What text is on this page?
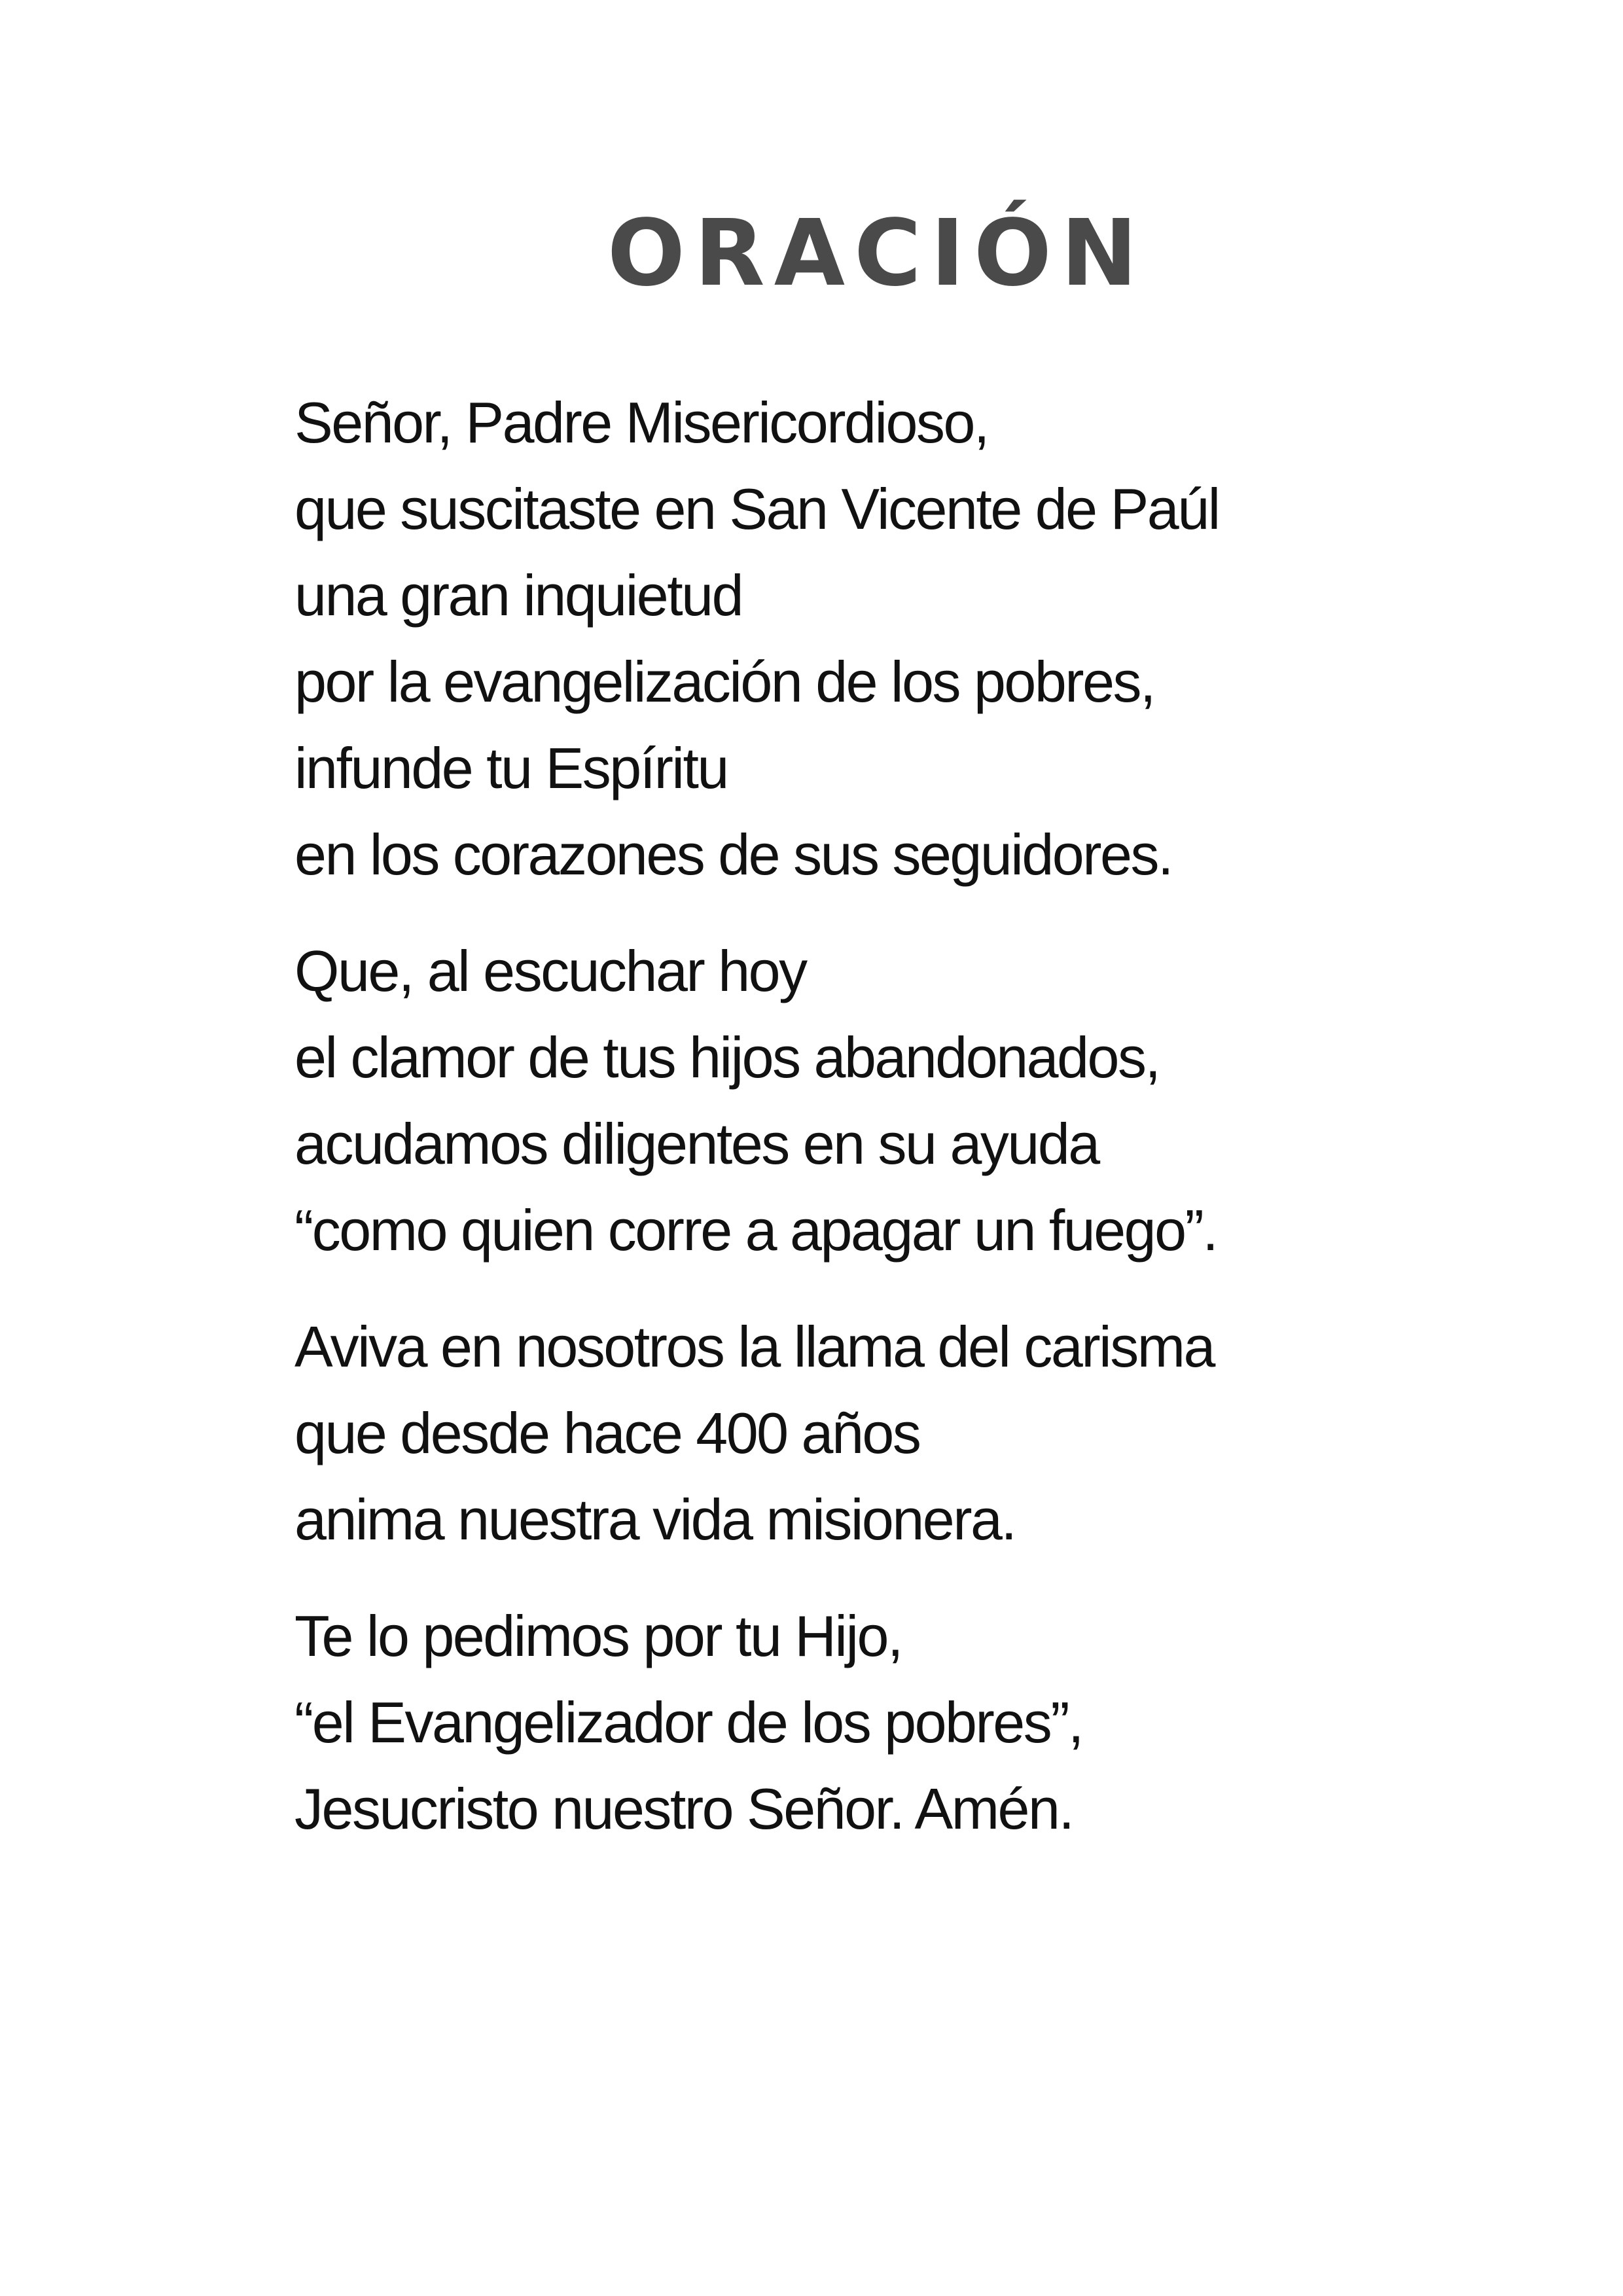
ORACIÓN
Señor, Padre Misericordioso,
que suscitaste en San Vicente de Paúl
una gran inquietud
por la evangelización de los pobres,
infunde tu Espíritu
en los corazones de sus seguidores.
Que, al escuchar hoy
el clamor de tus hijos abandonados,
acudamos diligentes en su ayuda
“como quien corre a apagar un fuego”.
Aviva en nosotros la llama del carisma
que desde hace 400 años
anima nuestra vida misionera.
Te lo pedimos por tu Hijo,
“el Evangelizador de los pobres”,
Jesucristo nuestro Señor. Amén.
